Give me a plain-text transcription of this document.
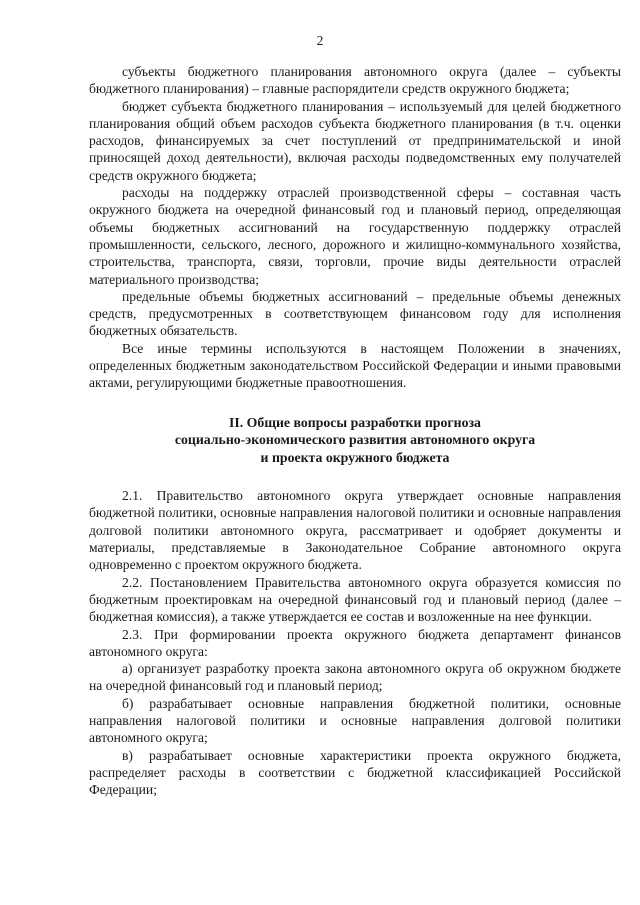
2

субъекты бюджетного планирования автономного округа (далее – субъекты бюджетного планирования) – главные распорядители средств окружного бюджета;

бюджет субъекта бюджетного планирования – используемый для целей бюджетного планирования общий объем расходов субъекта бюджетного планирования (в т.ч. оценки расходов, финансируемых за счет поступлений от предпринимательской и иной приносящей доход деятельности), включая расходы подведомственных ему получателей средств окружного бюджета;

расходы на поддержку отраслей производственной сферы – составная часть окружного бюджета на очередной финансовый год и плановый период, определяющая объемы бюджетных ассигнований на государственную поддержку отраслей промышленности, сельского, лесного, дорожного и жилищно-коммунального хозяйства, строительства, транспорта, связи, торговли, прочие виды деятельности отраслей материального производства;

предельные объемы бюджетных ассигнований – предельные объемы денежных средств, предусмотренных в соответствующем финансовом году для исполнения бюджетных обязательств.

Все иные термины используются в настоящем Положении в значениях, определенных бюджетным законодательством Российской Федерации и иными правовыми актами, регулирующими бюджетные правоотношения.

II. Общие вопросы разработки прогноза
социально-экономического развития автономного округа
и проекта окружного бюджета

2.1. Правительство автономного округа утверждает основные направления бюджетной политики, основные направления налоговой политики и основные направления долговой политики автономного округа, рассматривает и одобряет документы и материалы, представляемые в Законодательное Собрание автономного округа одновременно с проектом окружного бюджета.

2.2. Постановлением Правительства автономного округа образуется комиссия по бюджетным проектировкам на очередной финансовый год и плановый период (далее – бюджетная комиссия), а также утверждается ее состав и возложенные на нее функции.

2.3. При формировании проекта окружного бюджета департамент финансов автономного округа:

а) организует разработку проекта закона автономного округа об окружном бюджете на очередной финансовый год и плановый период;

б) разрабатывает основные направления бюджетной политики, основные направления налоговой политики и основные направления долговой политики автономного округа;

в) разрабатывает основные характеристики проекта окружного бюджета, распределяет расходы в соответствии с бюджетной классификацией Российской Федерации;
